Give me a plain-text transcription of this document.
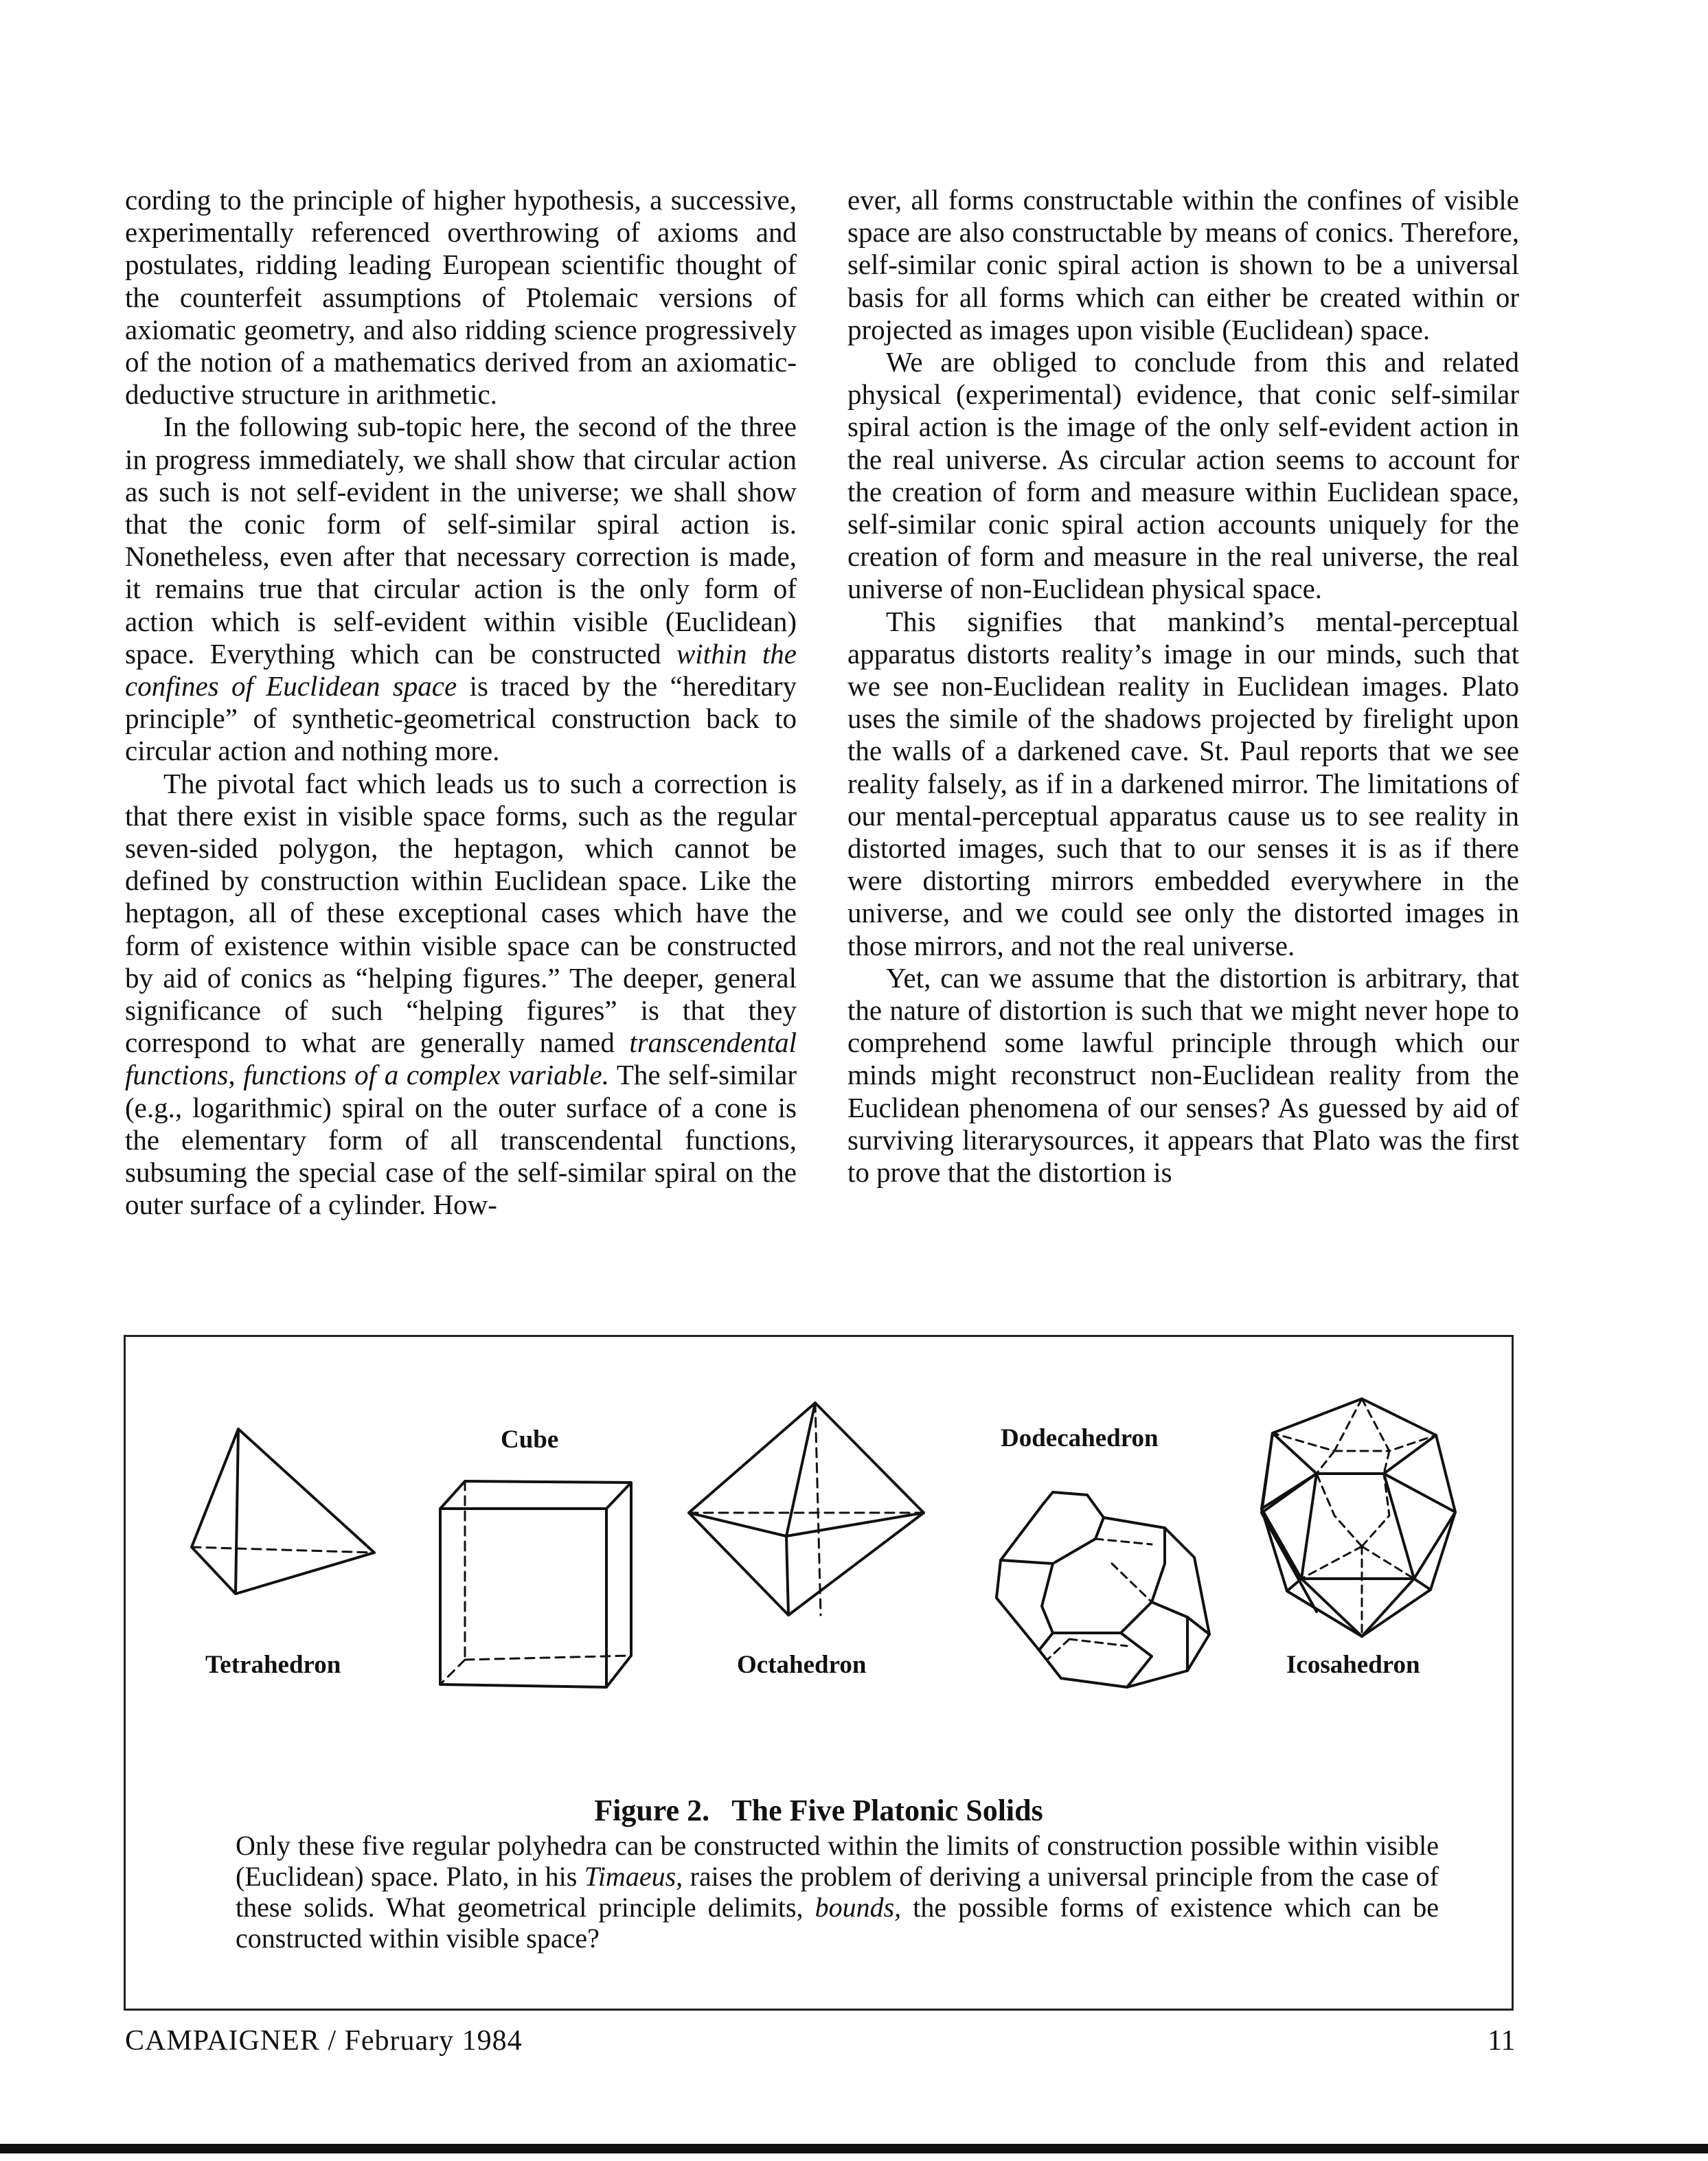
cording to the principle of higher hypothesis, a successive, experimentally referenced overthrowing of axioms and postulates, ridding leading European scientific thought of the counterfeit assumptions of Ptolemaic versions of axiomatic geometry, and also ridding science progressively of the notion of a mathematics derived from an axiomatic-deductive structure in arithmetic.

In the following sub-topic here, the second of the three in progress immediately, we shall show that circular action as such is not self-evident in the universe; we shall show that the conic form of self-similar spiral action is. Nonetheless, even after that necessary correction is made, it remains true that circular action is the only form of action which is self-evident within visible (Euclidean) space. Everything which can be constructed within the confines of Euclidean space is traced by the “hereditary principle” of synthetic-geometrical construction back to circular action and nothing more.

The pivotal fact which leads us to such a correction is that there exist in visible space forms, such as the regular seven-sided polygon, the heptagon, which cannot be defined by construction within Euclidean space. Like the heptagon, all of these exceptional cases which have the form of existence within visible space can be constructed by aid of conics as “helping figures.” The deeper, general significance of such “helping figures” is that they correspond to what are generally named transcendental functions, functions of a complex variable. The self-similar (e.g., logarithmic) spiral on the outer surface of a cone is the elementary form of all transcendental functions, subsuming the special case of the self-similar spiral on the outer surface of a cylinder. How-

ever, all forms constructable within the confines of visible space are also constructable by means of conics. Therefore, self-similar conic spiral action is shown to be a universal basis for all forms which can either be created within or projected as images upon visible (Euclidean) space.

We are obliged to conclude from this and related physical (experimental) evidence, that conic self-similar spiral action is the image of the only self-evident action in the real universe. As circular action seems to account for the creation of form and measure within Euclidean space, self-similar conic spiral action accounts uniquely for the creation of form and measure in the real universe, the real universe of non-Euclidean physical space.

This signifies that mankind’s mental-perceptual apparatus distorts reality’s image in our minds, such that we see non-Euclidean reality in Euclidean images. Plato uses the simile of the shadows projected by firelight upon the walls of a darkened cave. St. Paul reports that we see reality falsely, as if in a darkened mirror. The limitations of our mental-perceptual apparatus cause us to see reality in distorted images, such that to our senses it is as if there were distorting mirrors embedded everywhere in the universe, and we could see only the distorted images in those mirrors, and not the real universe.

Yet, can we assume that the distortion is arbitrary, that the nature of distortion is such that we might never hope to comprehend some lawful principle through which our minds might reconstruct non-Euclidean reality from the Euclidean phenomena of our senses? As guessed by aid of surviving literarysources, it appears that Plato was the first to prove that the distortion is

Tetrahedron
Cube
Octahedron
Dodecahedron
Icosahedron
Figure 2.   The Five Platonic Solids
Only these five regular polyhedra can be constructed within the limits of construction possible within visible (Euclidean) space. Plato, in his Timaeus, raises the problem of deriving a universal principle from the case of these solids. What geometrical principle delimits, bounds, the possible forms of existence which can be constructed within visible space?
CAMPAIGNER / February 1984	11
